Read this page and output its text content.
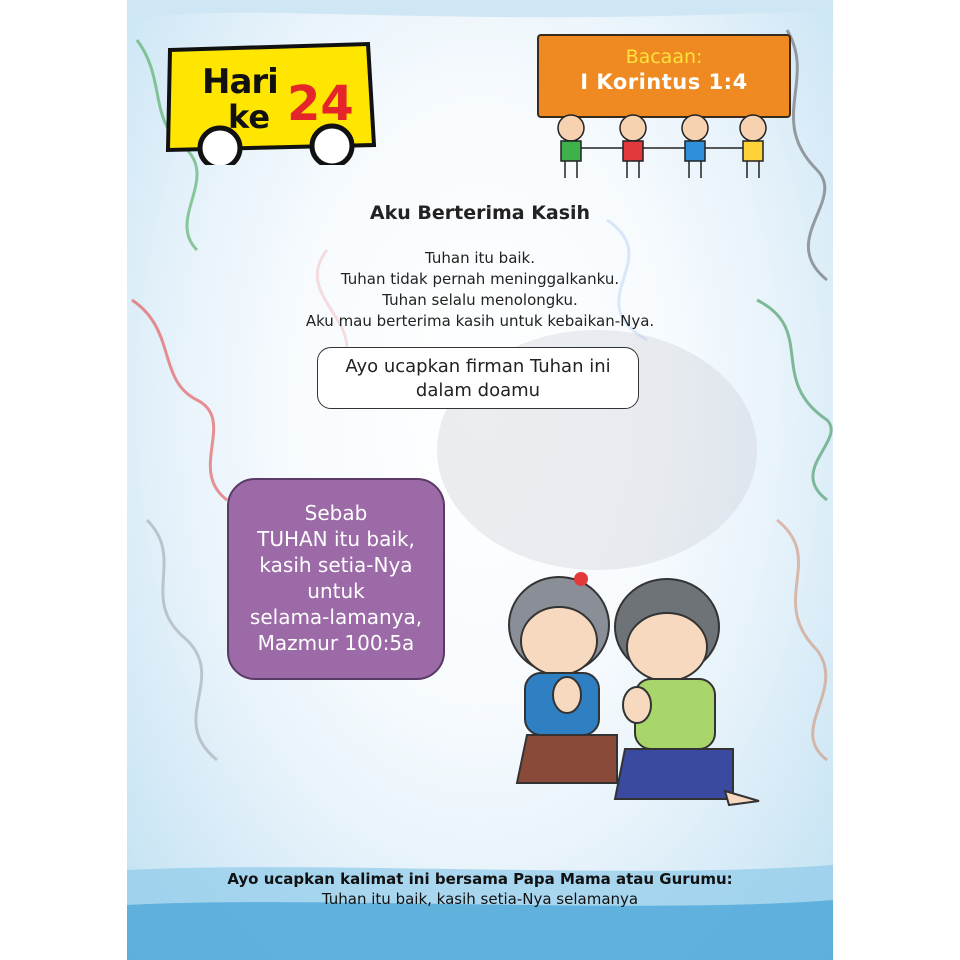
Hari
ke 24
Bacaan:
I Korintus 1:4
Aku Berterima Kasih
Tuhan itu baik.
Tuhan tidak pernah meninggalkanku.
Tuhan selalu menolongku.
Aku mau berterima kasih untuk kebaikan-Nya.
Ayo ucapkan firman Tuhan ini
dalam doamu
Sebab
TUHAN itu baik,
kasih setia-Nya
untuk
selama-lamanya,
Mazmur 100:5a
Ayo ucapkan kalimat ini bersama Papa Mama atau Gurumu:
Tuhan itu baik, kasih setia-Nya selamanya
